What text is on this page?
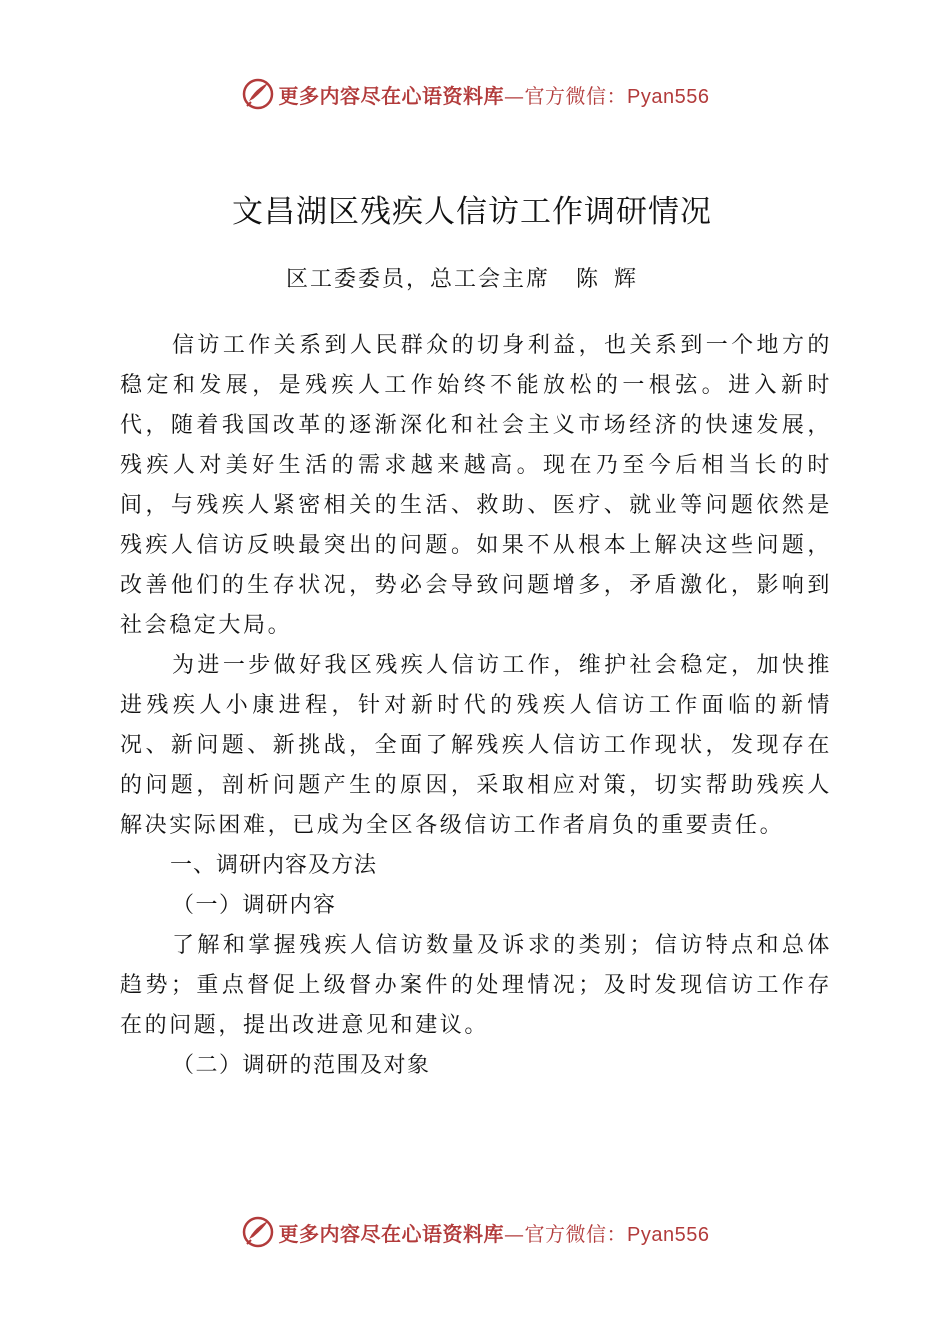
更多内容尽在心语资料库—官方微信：Pyan556
文昌湖区残疾人信访工作调研情况
区工委委员，总工会主席 陈辉

信访工作关系到人民群众的切身利益，也关系到一个地方的稳定和发展，是残疾人工作始终不能放松的一根弦。进入新时代，随着我国改革的逐渐深化和社会主义市场经济的快速发展，残疾人对美好生活的需求越来越高。现在乃至今后相当长的时间，与残疾人紧密相关的生活、救助、医疗、就业等问题依然是残疾人信访反映最突出的问题。如果不从根本上解决这些问题，改善他们的生存状况，势必会导致问题增多，矛盾激化，影响到社会稳定大局。

为进一步做好我区残疾人信访工作，维护社会稳定，加快推进残疾人小康进程，针对新时代的残疾人信访工作面临的新情况、新问题、新挑战，全面了解残疾人信访工作现状，发现存在的问题，剖析问题产生的原因，采取相应对策，切实帮助残疾人解决实际困难，已成为全区各级信访工作者肩负的重要责任。

一、调研内容及方法

（一）调研内容

了解和掌握残疾人信访数量及诉求的类别；信访特点和总体趋势；重点督促上级督办案件的处理情况；及时发现信访工作存在的问题，提出改进意见和建议。

（二）调研的范围及对象

更多内容尽在心语资料库—官方微信：Pyan556
